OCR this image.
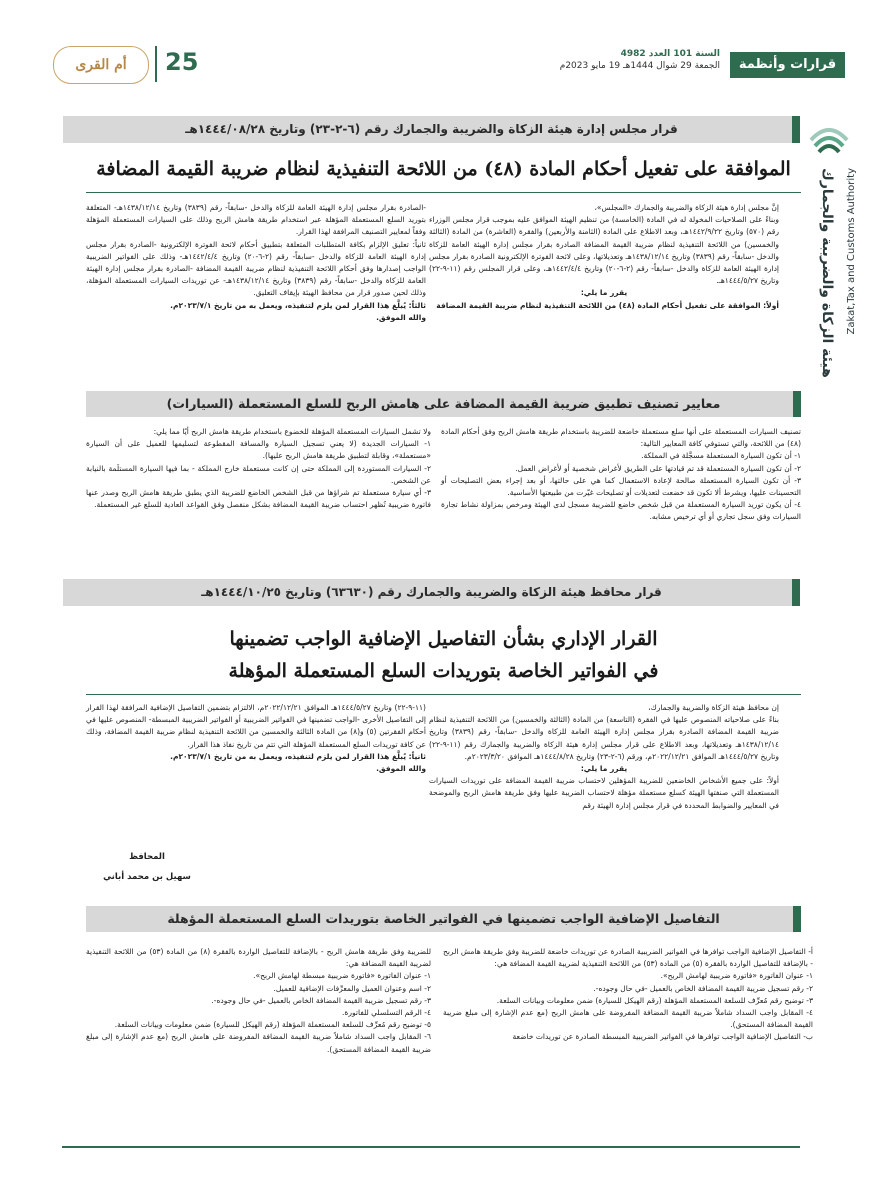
قرارات وأنظمة
السنة 101 العدد 4982
الجمعة 29 شوال 1444هـ 19 مايو 2023م
25
أم القرى
هيئة الزكاة والضريبة والجمارك Zakat,Tax and Customs Authority
قرار مجلس إدارة هيئة الزكاة والضريبة والجمارك رقم (٦-٢-٢٣) وتاريخ ١٤٤٤/٠٨/٢٨هـ
الموافقة على تفعيل أحكام المادة (٤٨) من اللائحة التنفيذية لنظام ضريبة القيمة المضافة

إنَّ مجلس إدارة هيئة الزكاة والضريبة والجمارك «المجلس»،

وبناءً على الصلاحيات المخولة له في المادة (الخامسة) من تنظيم الهيئة الموافق عليه بموجب قرار مجلس الوزراء رقم (٥٧٠) وتاريخ ١٤٤٢/٩/٢٢هـ، وبعد الاطلاع على المادة (الثامنة والأربعين) والفقرة (العاشرة) من المادة (الثالثة والخمسين) من اللائحة التنفيذية لنظام ضريبة القيمة المضافة الصادرة بقرار مجلس إدارة الهيئة العامة للزكاة والدخل -سابقاً- رقم (٣٨٣٩) وتاريخ ١٤٣٨/١٢/١٤هـ وتعديلاتها، وعلى لائحة الفوترة الإلكترونية الصادرة بقرار مجلس إدارة الهيئة العامة للزكاة والدخل -سابقاً- رقم (٢-٦-٢٠) وتاريخ ١٤٤٢/٤/٤هـ، وعلى قرار المجلس رقم (١١-٩-٢٢) وتاريخ ١٤٤٤/٥/٢٧هـ.

يقرر ما يلي:

أولاً: الموافقة على تفعيل أحكام المادة (٤٨) من اللائحة التنفيذية لنظام ضريبة القيمة المضافة

-الصادرة بقرار مجلس إدارة الهيئة العامة للزكاة والدخل -سابقاً- رقم (٣٨٣٩) وتاريخ ١٤٣٨/١٢/١٤هـ- المتعلقة بتوريد السلع المستعملة المؤهلة عبر استخدام طريقة هامش الربح وذلك على السيارات المستعملة المؤهلة وفقاً لمعايير التصنيف المرافقة لهذا القرار.

ثانياً: تعليق الإلزام بكافة المتطلبات المتعلقة بتطبيق أحكام لائحة الفوترة الإلكترونية -الصادرة بقرار مجلس إدارة الهيئة العامة للزكاة والدخل -سابقاً- رقم (٢-٦-٢٠) وتاريخ ١٤٤٢/٤/٤هـ- وذلك على الفواتير الضريبية الواجب إصدارها وفق أحكام اللائحة التنفيذية لنظام ضريبة القيمة المضافة -الصادرة بقرار مجلس إدارة الهيئة العامة للزكاة والدخل -سابقاً- رقم (٣٨٣٩) وتاريخ ١٤٣٨/١٢/١٤هـ- عن توريدات السيارات المستعملة المؤهلة، وذلك لحين صدور قرار من محافظ الهيئة بإيقاف التعليق.

ثالثاً: يُبلَّغ هذا القرار لمن يلزم لتنفيذه، ويعمل به من تاريخ ٢٠٢٣/٧/١م.

والله الموفق.

معايير تصنيف تطبيق ضريبة القيمة المضافة على هامش الربح للسلع المستعملة (السيارات)

تصنيف السيارات المستعملة على أنها سلع مستعملة خاضعة للضريبة باستخدام طريقة هامش الربح وفق أحكام المادة (٤٨) من اللائحة، والتي تستوفي كافة المعايير التالية:

١- أن تكون السيارة المستعملة مسجَّلة في المملكة.

٢- أن تكون السيارة المستعملة قد تم قيادتها على الطريق لأغراض شخصية أو لأغراض العمل.

٣- أن تكون السيارة المستعملة صالحة لإعادة الاستعمال كما هي على حالتها، أو بعد إجراء بعض التصليحات أو التحسينات عليها، ويشرط ألا تكون قد خضعت لتعديلات أو تصليحات غيّرت من طبيعتها الأساسية.

٤- أن يكون توريد السيارة المستعملة من قبل شخص خاضع للضريبة مسجل لدى الهيئة ومرخص بمزاولة نشاط تجارة السيارات وفق سجل تجاري أو أي ترخيص مشابه.

ولا تشمل السيارات المستعملة المؤهلة للخضوع باستخدام طريقة هامش الربح أيًا مما يلي:

١- السيارات الجديدة (لا يعني تسجيل السيارة والمسافة المقطوعة لتسليمها للعميل على أن السيارة «مستعملة»، وقابلة لتطبيق طريقة هامش الربح عليها).

٢- السيارات المستوردة إلى المملكة حتى إن كانت مستعملة خارج المملكة - بما فيها السيارة المستلَمة بالنيابة عن الشخص.

٣- أي سيارة مستعملة تم شراؤها من قبل الشخص الخاضع للضريبة الذي يطبق طريقة هامش الربح وصدر عنها فاتورة ضريبية تُظهر احتساب ضريبة القيمة المضافة بشكل منفصل وفق القواعد العادية للسلع غير المستعملة.

قرار محافظ هيئة الزكاة والضريبة والجمارك رقم (٦٣٦٣٠) وتاريخ ١٤٤٤/١٠/٢٥هـ
القرار الإداري بشأن التفاصيل الإضافية الواجب تضمينها
في الفواتير الخاصة بتوريدات السلع المستعملة المؤهلة

إن محافظ هيئة الزكاة والضريبة والجمارك،

بناءً على صلاحياته المنصوص عليها في الفقرة (التاسعة) من المادة (الثالثة والخمسين) من اللائحة التنفيذية لنظام ضريبة القيمة المضافة الصادرة بقرار مجلس إدارة الهيئة العامة للزكاة والدخل -سابقاً- رقم (٣٨٣٩) وتاريخ ١٤٣٨/١٢/١٤هـ وتعديلاتها، وبعد الاطلاع على قرار مجلس إدارة هيئة الزكاة والضريبة والجمارك رقم (١١-٩-٢٢) وتاريخ ١٤٤٤/٥/٢٧هـ الموافق ٢٠٢٢/١٢/٢١م، ورقم (٦-٢-٢٣) وتاريخ ١٤٤٤/٨/٢٨هـ الموافق ٢٠٢٣/٣/٢٠م.

يقرر ما يلي:

أولاً: على جميع الأشخاص الخاضعين للضريبة المؤهلين لاحتساب ضريبة القيمة المضافة على توريدات السيارات المستعملة التي صنفتها الهيئة كسلع مستعملة مؤهلة لاحتساب الضريبة عليها وفق طريقة هامش الربح والموضحة في المعايير والضوابط المحددة في قرار مجلس إدارة الهيئة رقم

(١١-٩-٢٢) وتاريخ ١٤٤٤/٥/٢٧هـ الموافق ٢٠٢٢/١٢/٢١م، الالتزام بتضمين التفاصيل الإضافية المرافقة لهذا القرار إلى التفاصيل الأخرى -الواجب تضمينها في الفواتير الضريبية أو الفواتير الضريبية المبسطة- المنصوص عليها في أحكام الفقرتين (٥) و(٨) من المادة الثالثة والخمسين من اللائحة التنفيذية لنظام ضريبة القيمة المضافة، وذلك عن كافة توريدات السلع المستعملة المؤهلة التي تتم من تاريخ نفاذ هذا القرار.

ثانياً: يُبلَّغ هذا القرار لمن يلزم لتنفيذه، ويعمل به من تاريخ ٢٠٢٣/٧/١م.

والله الموفق.

المحافظ
سهيل بن محمد أباني
التفاصيل الإضافية الواجب تضمينها في الفواتير الخاصة بتوريدات السلع المستعملة المؤهلة

أ- التفاصيل الإضافية الواجب توافرها في الفواتير الضريبية الصادرة عن توريدات خاضعة للضريبة وفق طريقة هامش الربح - بالإضافة للتفاصيل الواردة بالفقرة (٥) من المادة (٥٣) من اللائحة التنفيذية لضريبة القيمة المضافة هي:

١- عنوان الفاتورة «فاتورة ضريبية لهامش الربح».

٢- رقم تسجيل ضريبة القيمة المضافة الخاص بالعميل -في حال وجوده-.

٣- توضيح رقم مُعرِّف للسلعة المستعملة المؤهلة (رقم الهيكل للسيارة) ضمن معلومات وبيانات السلعة.

٤- المقابل واجب السداد شاملاً ضريبة القيمة المضافة المفروضة على هامش الربح (مع عدم الإشارة إلى مبلغ ضريبة القيمة المضافة المستحق).

ب- التفاصيل الإضافية الواجب توافرها في الفواتير الضريبية المبسطة الصادرة عن توريدات خاضعة

للضريبة وفق طريقة هامش الربح - بالإضافة للتفاصيل الواردة بالفقرة (٨) من المادة (٥٣) من اللائحة التنفيذية لضريبة القيمة المضافة هي:

١- عنوان الفاتورة «فاتورة ضريبية مبسطة لهامش الربح».

٢- اسم وعنوان العميل والمعرِّفات الإضافية للعميل.

٣- رقم تسجيل ضريبة القيمة المضافة الخاص بالعميل -في حال وجوده-.

٤- الرقم التسلسلي للفاتورة.

٥- توضيح رقم مُعرِّف للسلعة المستعملة المؤهلة (رقم الهيكل للسيارة) ضمن معلومات وبيانات السلعة.

٦- المقابل واجب السداد شاملاً ضريبة القيمة المضافة المفروضة على هامش الربح (مع عدم الإشارة إلى مبلغ ضريبة القيمة المضافة المستحق).
